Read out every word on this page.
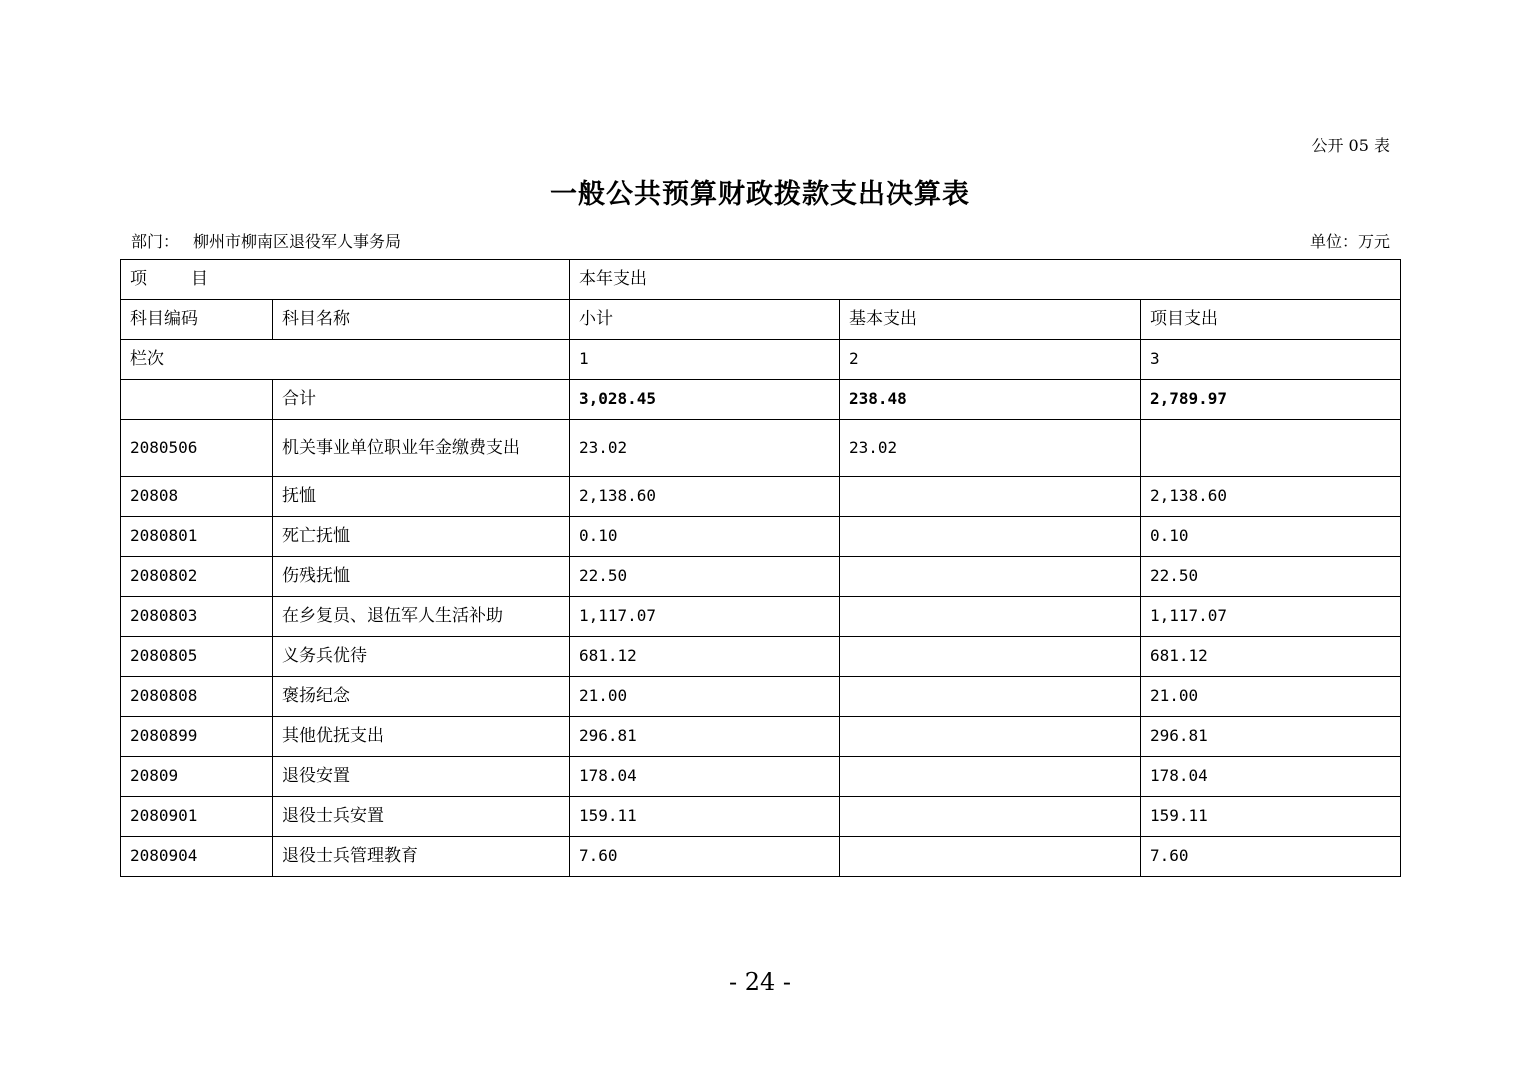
公开 05 表
一般公共预算财政拨款支出决算表
部门： 柳州市柳南区退役军人事务局	单位：万元
项 目		本年支出		
科目编码	科目名称	小计	基本支出	项目支出
栏次		1	2	3
	合计	3,028.45	238.48	2,789.97
2080506	机关事业单位职业年金缴费支出	23.02	23.02	
20808	抚恤	2,138.60		2,138.60
2080801	死亡抚恤	0.10		0.10
2080802	伤残抚恤	22.50		22.50
2080803	在乡复员、退伍军人生活补助	1,117.07		1,117.07
2080805	义务兵优待	681.12		681.12
2080808	褒扬纪念	21.00		21.00
2080899	其他优抚支出	296.81		296.81
20809	退役安置	178.04		178.04
2080901	退役士兵安置	159.11		159.11
2080904	退役士兵管理教育	7.60		7.60
- 24 -
